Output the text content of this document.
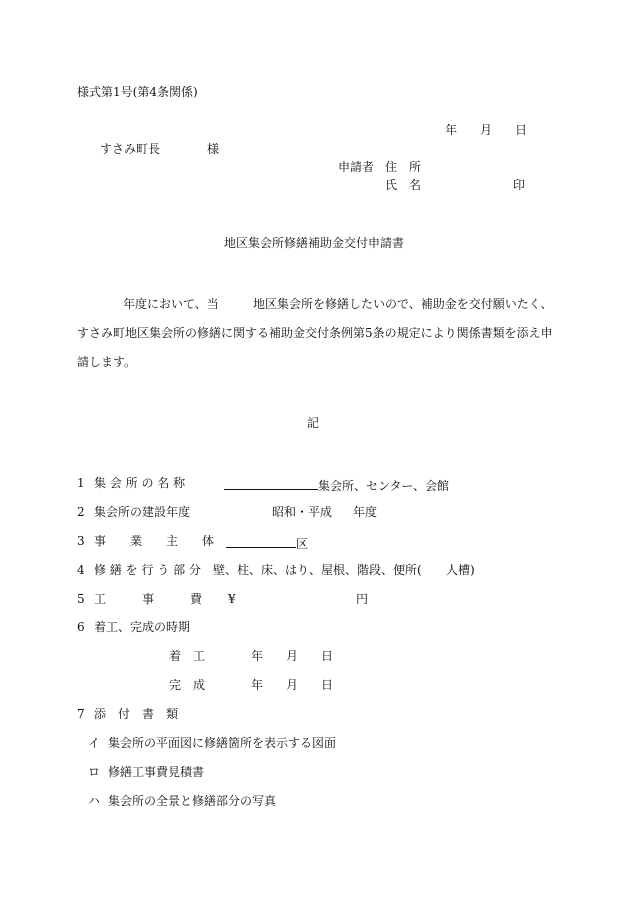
様式第1号(第4条関係)
年 月 日
すさみ町長	様
申請者 住　所
氏　名	印
地区集会所修繕補助金交付申請書
年度において、当	地区集会所を修繕したいので、補助金を交付願いたく、
すさみ町地区集会所の修繕に関する補助金交付条例第5条の規定により関係書類を添え申
請します。
記
1 集 会 所 の 名 称	集会所、センター、会館
2 集会所の建設年度	昭和・平成 年度
3 事　　業　　主　　体	区
4 修 繕 を 行 う 部 分 壁、柱、床、はり、屋根、階段、便所( 人槽)
5 工　　　事　　　費 ¥	円
6 着工、完成の時期
着　工	年 月 日
完　成	年 月 日
7 添　付　書　類
イ 集会所の平面図に修繕箇所を表示する図面
ロ 修繕工事費見積書
ハ 集会所の全景と修繕部分の写真
